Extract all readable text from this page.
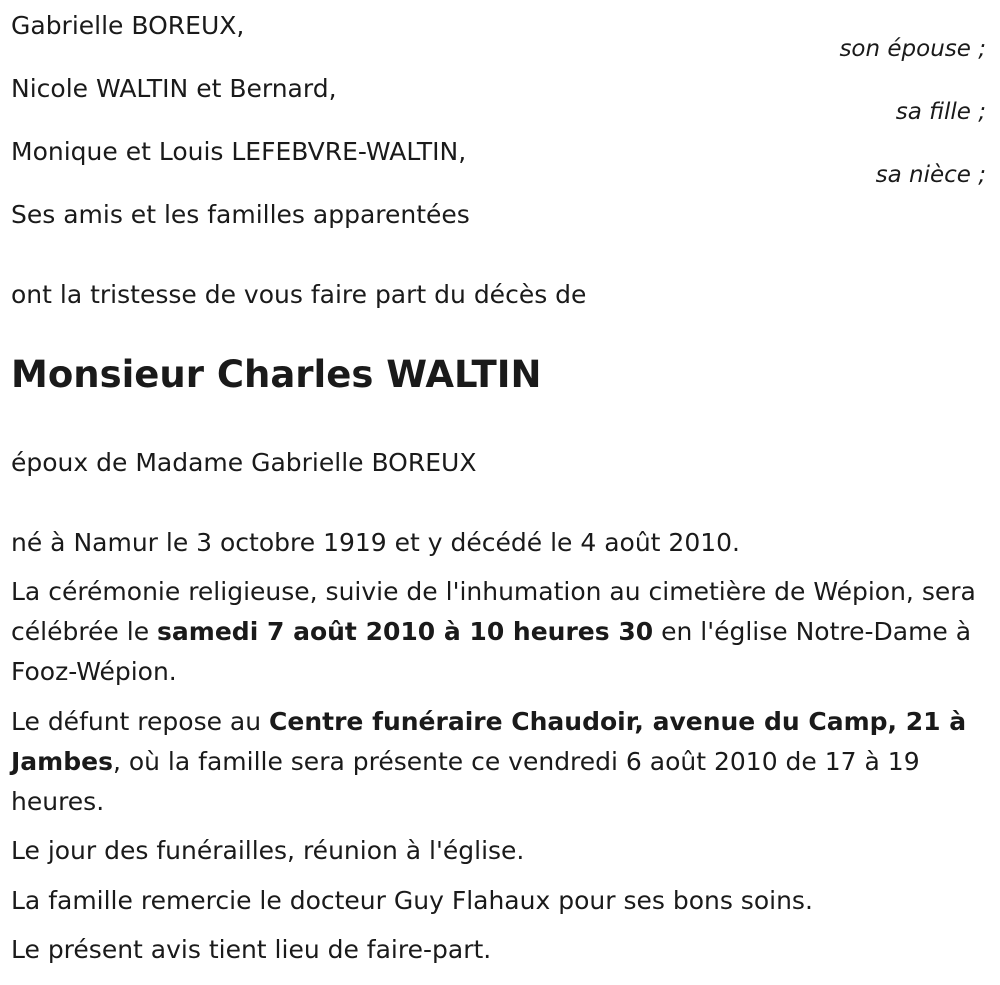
Gabrielle BOREUX,
son épouse ;
Nicole WALTIN et Bernard,
sa fille ;
Monique et Louis LEFEBVRE-WALTIN,
sa nièce ;
Ses amis et les familles apparentées
ont la tristesse de vous faire part du décès de
Monsieur Charles WALTIN
époux de Madame Gabrielle BOREUX
né à Namur le 3 octobre 1919 et y décédé le 4 août 2010.
La cérémonie religieuse, suivie de l'inhumation au cimetière de Wépion, sera célébrée le samedi 7 août 2010 à 10 heures 30 en l'église Notre-Dame à Fooz-Wépion.
Le défunt repose au Centre funéraire Chaudoir, avenue du Camp, 21 à Jambes, où la famille sera présente ce vendredi 6 août 2010 de 17 à 19 heures.
Le jour des funérailles, réunion à l'église.
La famille remercie le docteur Guy Flahaux pour ses bons soins.
Le présent avis tient lieu de faire-part.
